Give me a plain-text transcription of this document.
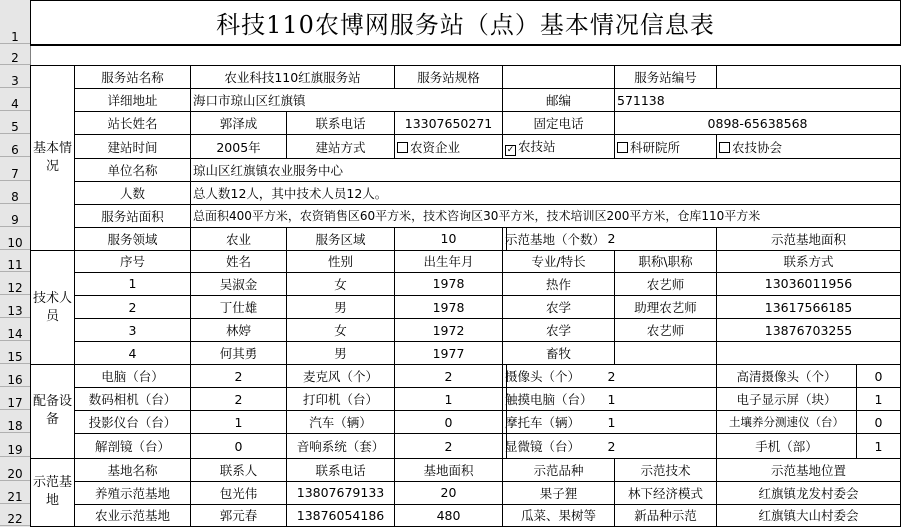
1
2
3
4
5
6
7
8
9
10
11
12
13
14
15
16
17
18
19
20
21
22
科技110农博网服务站（点）基本情况信息表										

基本情况	服务站名称	农业科技110红旗服务站		服务站规格			服务站编号			
	详细地址	海口市琼山区红旗镇			邮编		571138			
	站长姓名	郭泽成	联系电话	13307650271	固定电话		0898-65638568			
	建站时间	2005年	建站方式	农资企业	✓ 农技站		科研院所	农技协会		
	单位名称	琼山区红旗镇农业服务中心								
	人数	总人数12人，其中技术人员12人。								
	服务站面积	总面积400平方米，农资销售区60平方米，技术咨询区30平方米，技术培训区200平方米，仓库110平方米								
	服务领域	农业	服务区域	10	示范基地（个数）	2		示范基地面积	
技术人员	序号	姓名	性别	出生年月	专业/特长		职称\职称	联系方式		
	1	吴淑金	女	1978	热作		农艺师	13036011956		
	2	丁仕雄	男	1978	农学		助理农艺师	13617566185		
	3	林婷	女	1972	农学		农艺师	13876703255		
	4	何其勇	男	1977	畜牧					
配备设备	电脑（台）	2	麦克风（个）	2	摄像头（个）	2		高清摄像头（个）	0	
	数码相机（台）	2	打印机（台）	1	触摸电脑（台）	1		电子显示屏（块）	1	
	投影仪台（台）	1	汽车（辆）	0	摩托车（辆）	1		土壤养分测速仪（台）	0	
	解剖镜（台）	0	音响系统（套）	2	显微镜（台）	2		手机（部）	1	
示范基地	基地名称	联系人	联系电话	基地面积	示范品种		示范技术	示范基地位置		
	养殖示范基地	包光伟	13807679133	20	果子狸		林下经济模式	红旗镇龙发村委会		
	农业示范基地	郭元春	13876054186	480	瓜菜、果树等		新品种示范	红旗镇大山村委会		
